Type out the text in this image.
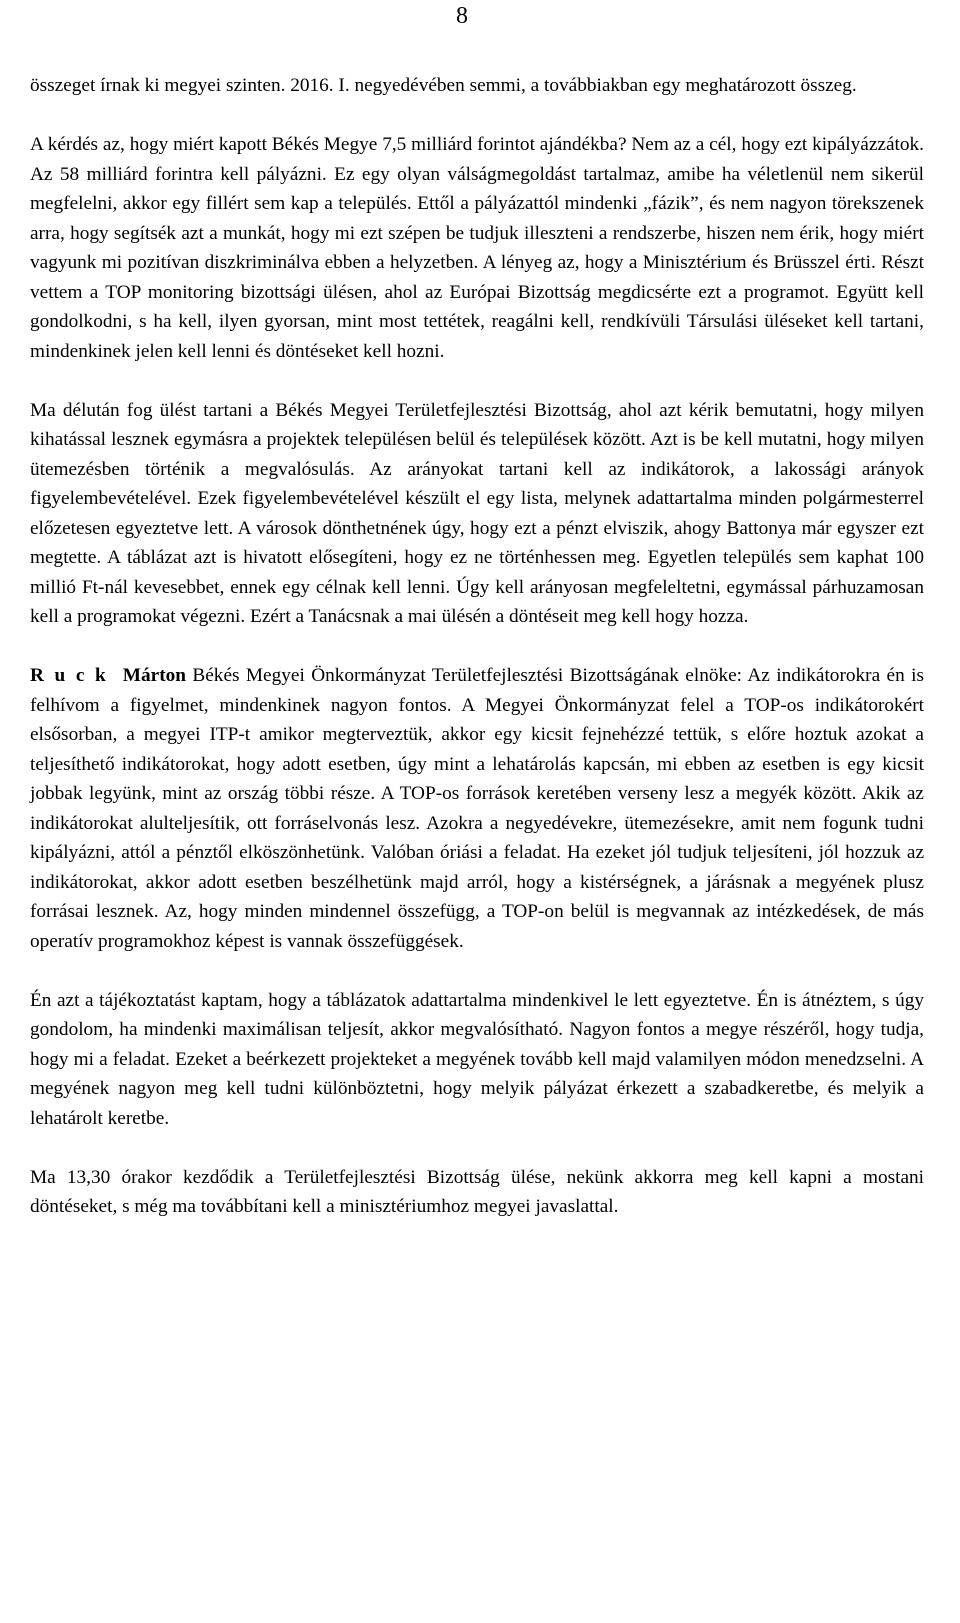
8

összeget írnak ki megyei szinten. 2016. I. negyedévében semmi, a továbbiakban egy meghatározott összeg.

A kérdés az, hogy miért kapott Békés Megye 7,5 milliárd forintot ajándékba? Nem az a cél, hogy ezt kipályázzátok. Az 58 milliárd forintra kell pályázni. Ez egy olyan válságmegoldást tartalmaz, amibe ha véletlenül nem sikerül megfelelni, akkor egy fillért sem kap a település. Ettől a pályázattól mindenki „fázik”, és nem nagyon törekszenek arra, hogy segítsék azt a munkát, hogy mi ezt szépen be tudjuk illeszteni a rendszerbe, hiszen nem érik, hogy miért vagyunk mi pozitívan diszkriminálva ebben a helyzetben. A lényeg az, hogy a Minisztérium és Brüsszel érti. Részt vettem a TOP monitoring bizottsági ülésen, ahol az Európai Bizottság megdicsérte ezt a programot. Együtt kell gondolkodni, s ha kell, ilyen gyorsan, mint most tettétek, reagálni kell, rendkívüli Társulási üléseket kell tartani, mindenkinek jelen kell lenni és döntéseket kell hozni.

Ma délután fog ülést tartani a Békés Megyei Területfejlesztési Bizottság, ahol azt kérik bemutatni, hogy milyen kihatással lesznek egymásra a projektek településen belül és települések között. Azt is be kell mutatni, hogy milyen ütemezésben történik a megvalósulás. Az arányokat tartani kell az indikátorok, a lakossági arányok figyelembevételével. Ezek figyelembevételével készült el egy lista, melynek adattartalma minden polgármesterrel előzetesen egyeztetve lett. A városok dönthetnének úgy, hogy ezt a pénzt elviszik, ahogy Battonya már egyszer ezt megtette. A táblázat azt is hivatott elősegíteni, hogy ez ne történhessen meg. Egyetlen település sem kaphat 100 millió Ft-nál kevesebbet, ennek egy célnak kell lenni. Úgy kell arányosan megfeleltetni, egymással párhuzamosan kell a programokat végezni. Ezért a Tanácsnak a mai ülésén a döntéseit meg kell hogy hozza.

Ruck Márton Békés Megyei Önkormányzat Területfejlesztési Bizottságának elnöke: Az indikátorokra én is felhívom a figyelmet, mindenkinek nagyon fontos. A Megyei Önkormányzat felel a TOP-os indikátorokért elsősorban, a megyei ITP-t amikor megterveztük, akkor egy kicsit fejnehézzé tettük, s előre hoztuk azokat a teljesíthető indikátorokat, hogy adott esetben, úgy mint a lehatárolás kapcsán, mi ebben az esetben is egy kicsit jobbak legyünk, mint az ország többi része. A TOP-os források keretében verseny lesz a megyék között. Akik az indikátorokat alulteljesítik, ott forráselvonás lesz. Azokra a negyedévekre, ütemezésekre, amit nem fogunk tudni kipályázni, attól a pénztől elköszönhetünk. Valóban óriási a feladat. Ha ezeket jól tudjuk teljesíteni, jól hozzuk az indikátorokat, akkor adott esetben beszélhetünk majd arról, hogy a kistérségnek, a járásnak a megyének plusz forrásai lesznek. Az, hogy minden mindennel összefügg, a TOP-on belül is megvannak az intézkedések, de más operatív programokhoz képest is vannak összefüggések.

Én azt a tájékoztatást kaptam, hogy a táblázatok adattartalma mindenkivel le lett egyeztetve. Én is átnéztem, s úgy gondolom, ha mindenki maximálisan teljesít, akkor megvalósítható. Nagyon fontos a megye részéről, hogy tudja, hogy mi a feladat. Ezeket a beérkezett projekteket a megyének tovább kell majd valamilyen módon menedzselni. A megyének nagyon meg kell tudni különböztetni, hogy melyik pályázat érkezett a szabadkeretbe, és melyik a lehatárolt keretbe.

Ma 13,30 órakor kezdődik a Területfejlesztési Bizottság ülése, nekünk akkorra meg kell kapni a mostani döntéseket, s még ma továbbítani kell a minisztériumhoz megyei javaslattal.
